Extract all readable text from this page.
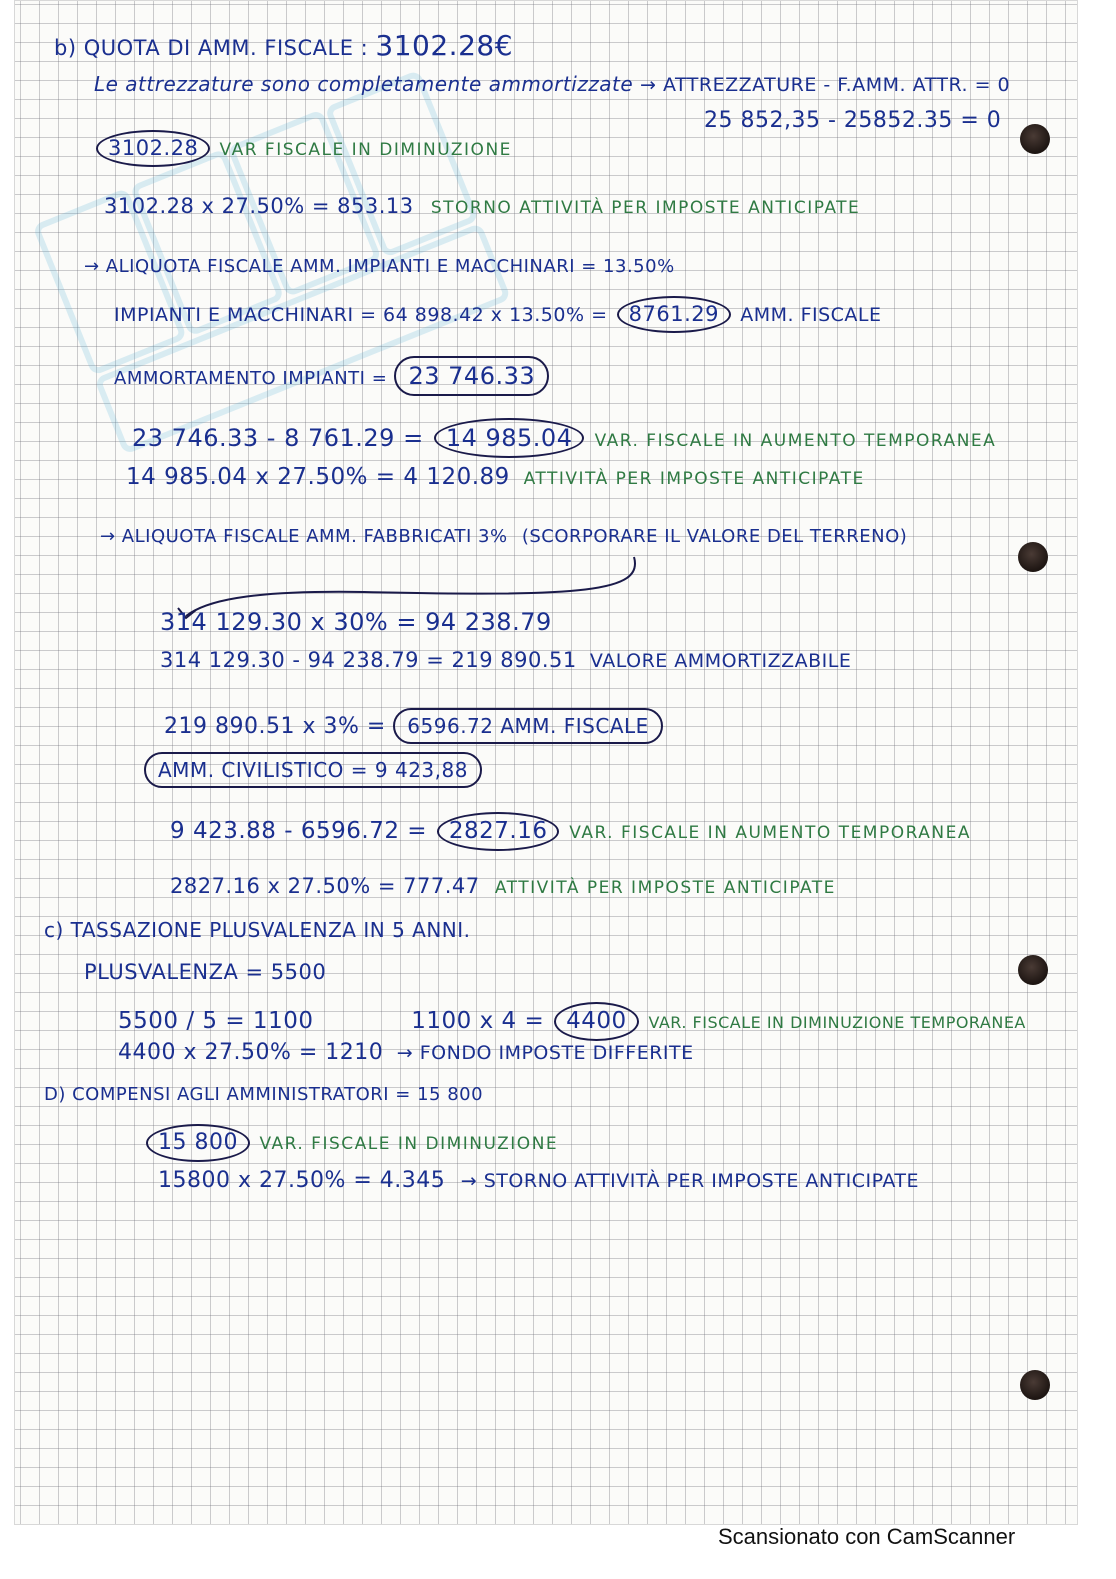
b) QUOTA DI AMM. FISCALE : 3102.28€
Le attrezzature sono completamente ammortizzate → ATTREZZATURE - F.AMM. ATTR. = 0
25 852,35 - 25852.35 = 0
3102.28 VAR FISCALE IN DIMINUZIONE
3102.28 x 27.50% = 853.13 STORNO ATTIVITÀ PER IMPOSTE ANTICIPATE
→ ALIQUOTA FISCALE AMM. IMPIANTI E MACCHINARI = 13.50%
IMPIANTI E MACCHINARI = 64 898.42 x 13.50% = 8761.29 AMM. FISCALE
AMMORTAMENTO IMPIANTI = 23 746.33
23 746.33 - 8 761.29 = 14 985.04 VAR. FISCALE IN AUMENTO TEMPORANEA
14 985.04 x 27.50% = 4 120.89 ATTIVITÀ PER IMPOSTE ANTICIPATE
→ ALIQUOTA FISCALE AMM. FABBRICATI 3% (SCORPORARE IL VALORE DEL TERRENO)
314 129.30 x 30% = 94 238.79
314 129.30 - 94 238.79 = 219 890.51 VALORE AMMORTIZZABILE
219 890.51 x 3% = 6596.72 AMM. FISCALE
AMM. CIVILISTICO = 9 423,88
9 423.88 - 6596.72 = 2827.16 VAR. FISCALE IN AUMENTO TEMPORANEA
2827.16 x 27.50% = 777.47 ATTIVITÀ PER IMPOSTE ANTICIPATE
c) TASSAZIONE PLUSVALENZA IN 5 ANNI.
PLUSVALENZA = 5500
5500 / 5 = 1100	1100 x 4 = 4400 VAR. FISCALE IN DIMINUZIONE TEMPORANEA
4400 x 27.50% = 1210 → FONDO IMPOSTE DIFFERITE
D) COMPENSI AGLI AMMINISTRATORI = 15 800
15 800 VAR. FISCALE IN DIMINUZIONE
15800 x 27.50% = 4.345 → STORNO ATTIVITÀ PER IMPOSTE ANTICIPATE
Scansionato con CamScanner
